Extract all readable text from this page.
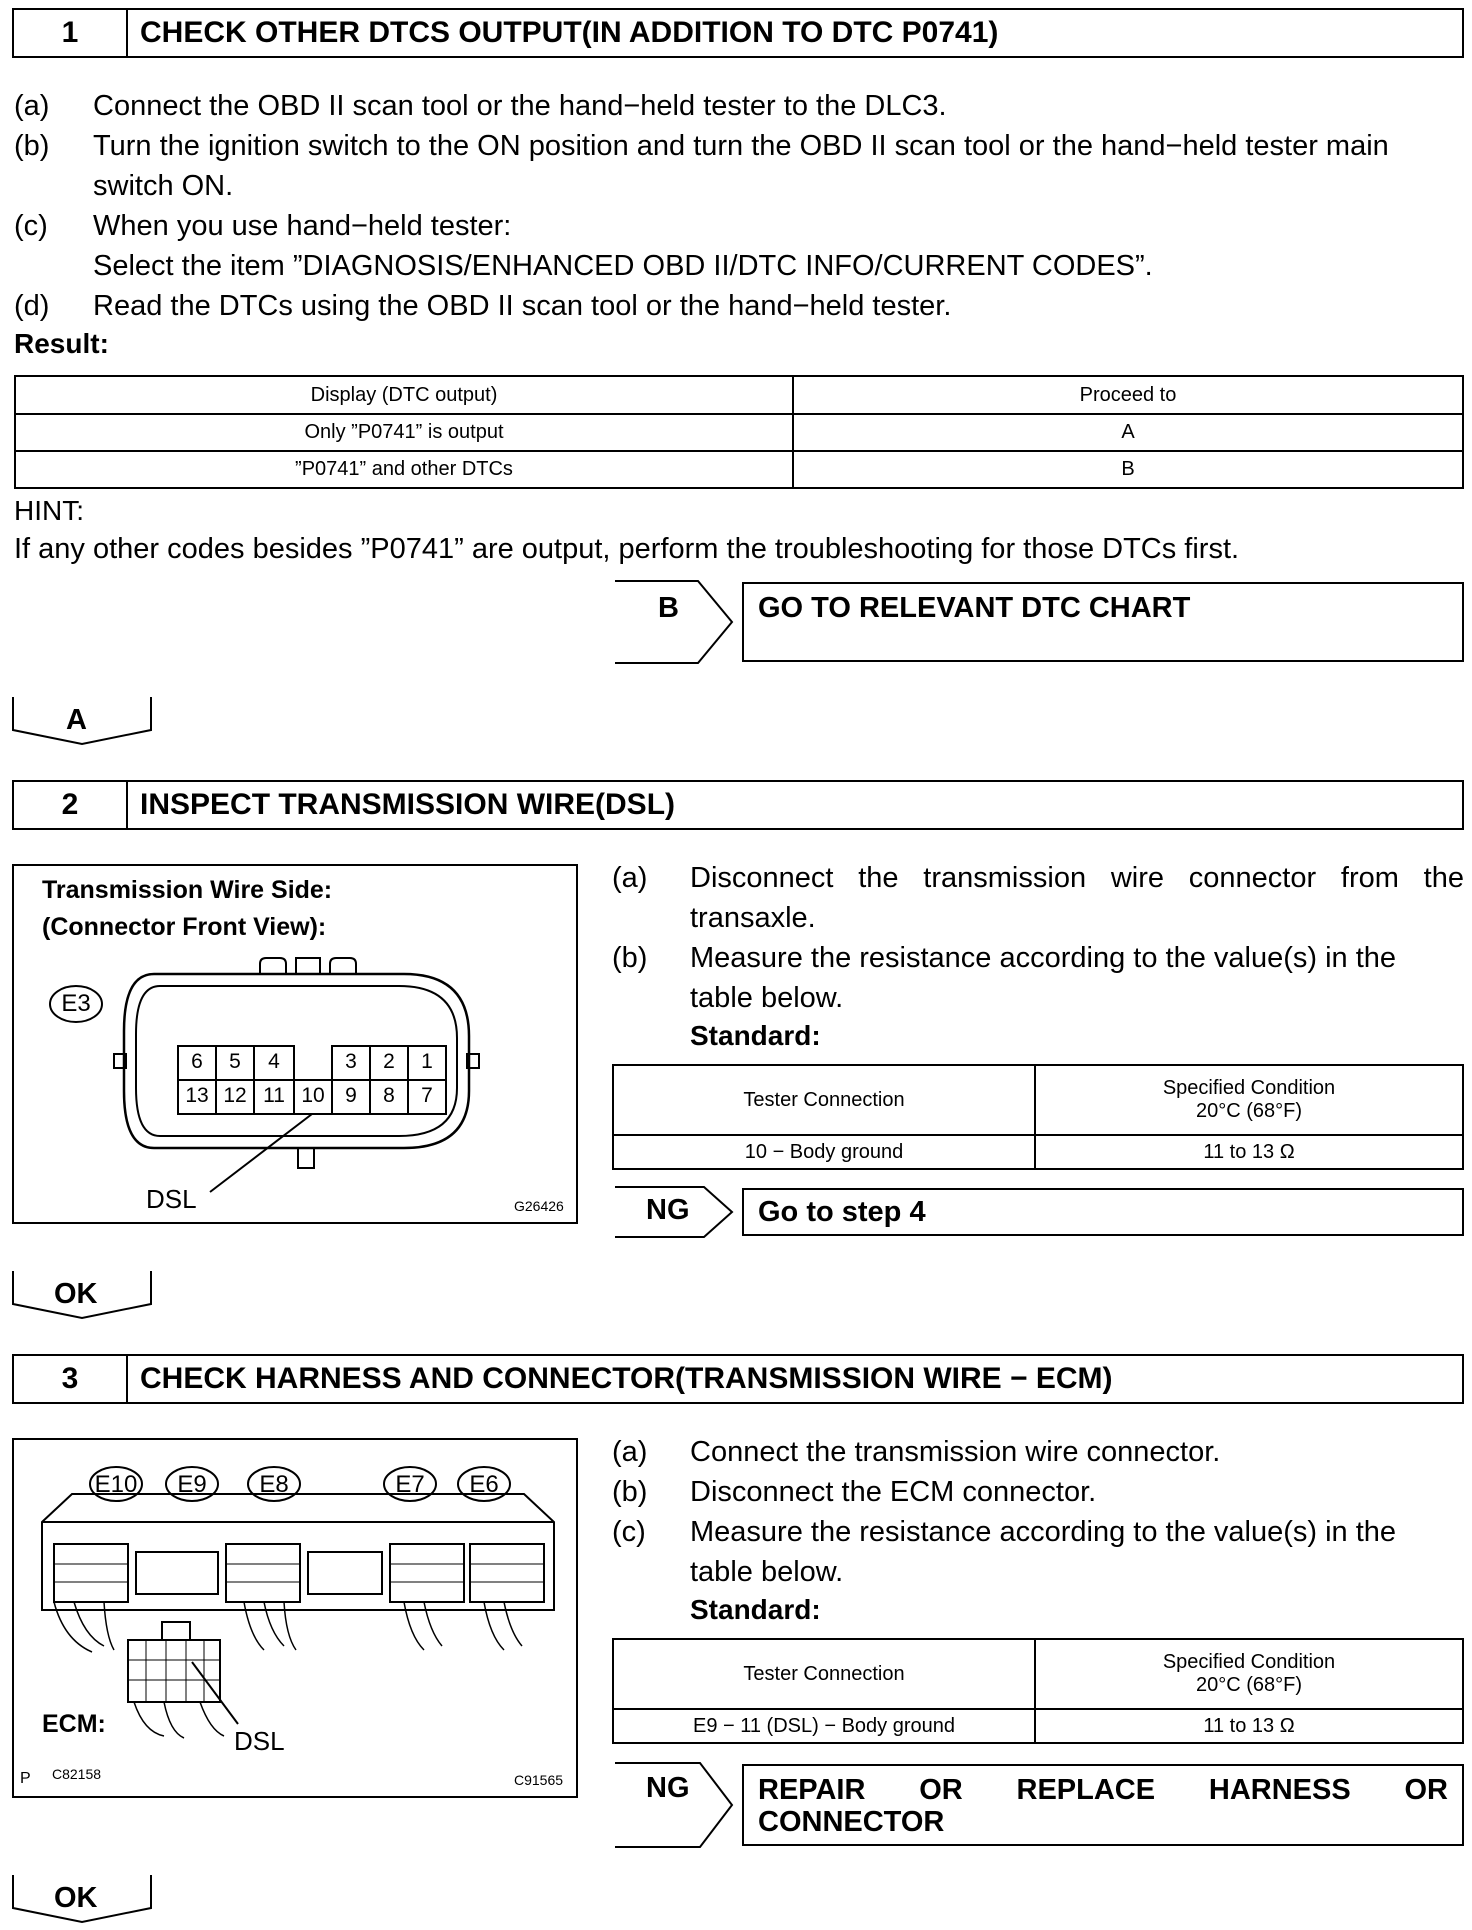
1	CHECK OTHER DTCS OUTPUT(IN ADDITION TO DTC P0741)
(a) Connect the OBD II scan tool or the hand−held tester to the DLC3.
(b) Turn the ignition switch to the ON position and turn the OBD II scan tool or the hand−held tester main
switch ON.
(c) When you use hand−held tester:
Select the item ”DIAGNOSIS/ENHANCED OBD II/DTC INFO/CURRENT CODES”.
(d) Read the DTCs using the OBD II scan tool or the hand−held tester.
Result:
Display (DTC output)	Proceed to
Only ”P0741” is output	A
”P0741” and other DTCs	B
HINT:
If any other codes besides ”P0741” are output, perform the troubleshooting for those DTCs first.
B	GO TO RELEVANT DTC CHART
A
2	INSPECT TRANSMISSION WIRE(DSL)
Transmission Wire Side:
(Connector Front View):
E3
6	5	4	3	2	1
13 12 11 10 9	8	7
DSL	G26426
(a) Disconnect the transmission wire connector from the
transaxle.
(b) Measure the resistance according to the value(s) in the
table below.
Standard:
Tester Connection	Specified Condition
20°C (68°F)

10 − Body ground	11 to 13 Ω
NG Go to step 4
OK
3	CHECK HARNESS AND CONNECTOR(TRANSMISSION WIRE − ECM)
E10	E9	E8	E7	E6
ECM:
DSL
P C82158	C91565
(a) Connect the transmission wire connector.
(b) Disconnect the ECM connector.
(c) Measure the resistance according to the value(s) in the
table below.
Standard:
Tester Connection	Specified Condition
20°C (68°F)

E9 − 11 (DSL) − Body ground	11 to 13 Ω
NG REPAIR OR REPLACE HARNESS OR
CONNECTOR
OK
